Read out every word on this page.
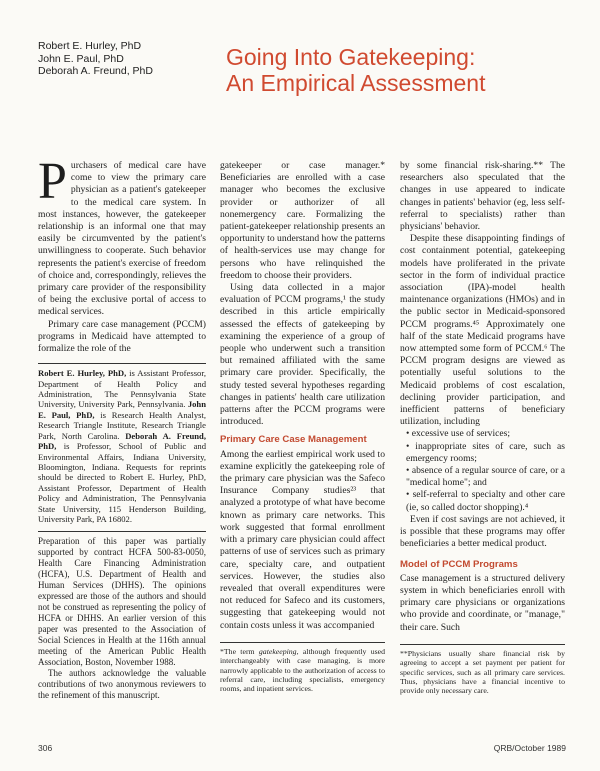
Robert E. Hurley, PhD
John E. Paul, PhD
Deborah A. Freund, PhD
Going Into Gatekeeping:
An Empirical Assessment

Purchasers of medical care have come to view the primary care physician as a patient's gatekeeper to the medical care system. In most instances, however, the gatekeeper relationship is an informal one that may easily be circumvented by the patient's unwillingness to cooperate. Such behavior represents the patient's exercise of freedom of choice and, correspondingly, relieves the primary care provider of the responsibility of being the exclusive portal of access to medical services.

Primary care case management (PCCM) programs in Medicaid have attempted to formalize the role of the

Robert E. Hurley, PhD, is Assistant Professor, Department of Health Policy and Administration, The Pennsylvania State University, University Park, Pennsylvania. John E. Paul, PhD, is Research Health Analyst, Research Triangle Institute, Research Triangle Park, North Carolina. Deborah A. Freund, PhD, is Professor, School of Public and Environmental Affairs, Indiana University, Bloomington, Indiana. Requests for reprints should be directed to Robert E. Hurley, PhD, Assistant Professor, Department of Health Policy and Administration, The Pennsylvania State University, 115 Henderson Building, University Park, PA 16802.

Preparation of this paper was partially supported by contract HCFA 500-83-0050, Health Care Financing Administration (HCFA), U.S. Department of Health and Human Services (DHHS). The opinions expressed are those of the authors and should not be construed as representing the policy of HCFA or DHHS. An earlier version of this paper was presented to the Association of Social Sciences in Health at the 116th annual meeting of the American Public Health Association, Boston, November 1988.

The authors acknowledge the valuable contributions of two anonymous reviewers to the refinement of this manuscript.

gatekeeper or case manager.* Beneficiaries are enrolled with a case manager who becomes the exclusive provider or authorizer of all nonemergency care. Formalizing the patient-gatekeeper relationship presents an opportunity to understand how the patterns of health-services use may change for persons who have relinquished the freedom to choose their providers.

Using data collected in a major evaluation of PCCM programs,¹ the study described in this article empirically assessed the effects of gatekeeping by examining the experience of a group of people who underwent such a transition but remained affiliated with the same primary care provider. Specifically, the study tested several hypotheses regarding changes in patients' health care utilization patterns after the PCCM programs were introduced.

Primary Care Case Management

Among the earliest empirical work used to examine explicitly the gatekeeping role of the primary care physician was the Safeco Insurance Company studies²³ that analyzed a prototype of what have become known as primary care networks. This work suggested that formal enrollment with a primary care physician could affect patterns of use of services such as primary care, specialty care, and outpatient services. However, the studies also revealed that overall expenditures were not reduced for Safeco and its customers, suggesting that gatekeeping would not contain costs unless it was accompanied

*The term gatekeeping, although frequently used interchangeably with case managing, is more narrowly applicable to the authorization of access to referral care, including specialists, emergency rooms, and inpatient services.

by some financial risk-sharing.** The researchers also speculated that the changes in use appeared to indicate changes in patients' behavior (eg, less self-referral to specialists) rather than physicians' behavior.

Despite these disappointing findings of cost containment potential, gatekeeping models have proliferated in the private sector in the form of individual practice association (IPA)-model health maintenance organizations (HMOs) and in the public sector in Medicaid-sponsored PCCM programs.⁴⁵ Approximately one half of the state Medicaid programs have now attempted some form of PCCM.⁶ The PCCM program designs are viewed as potentially useful solutions to the Medicaid problems of cost escalation, declining provider participation, and inefficient patterns of beneficiary utilization, including

• excessive use of services;

• inappropriate sites of care, such as emergency rooms;

• absence of a regular source of care, or a "medical home"; and

• self-referral to specialty and other care (ie, so called doctor shopping).⁴

Even if cost savings are not achieved, it is possible that these programs may offer beneficiaries a better medical product.

Model of PCCM Programs

Case management is a structured delivery system in which beneficiaries enroll with primary care physicians or organizations who provide and coordinate, or "manage," their care. Such

**Physicians usually share financial risk by agreeing to accept a set payment per patient for specific services, such as all primary care services. Thus, physicians have a financial incentive to provide only necessary care.

306	QRB/October 1989
